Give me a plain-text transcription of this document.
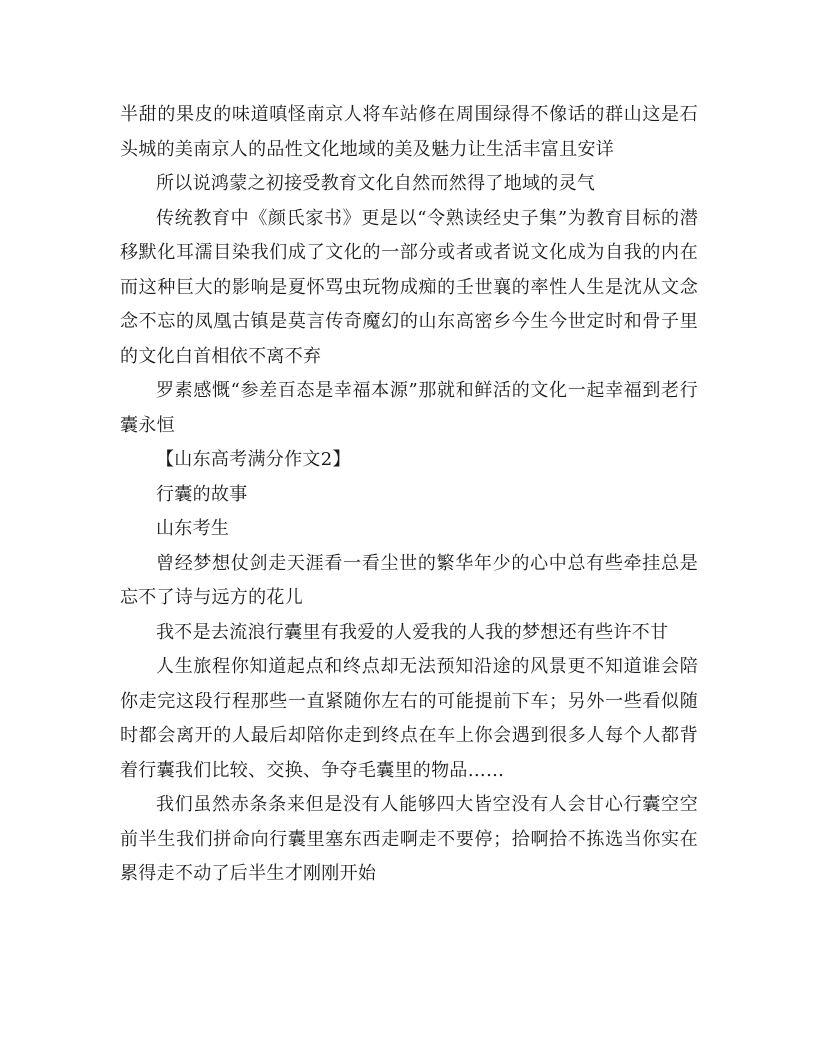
半甜的果皮的味道嗔怪南京人将车站修在周围绿得不像话的群山这是石头城的美南京人的品性文化地域的美及魅力让生活丰富且安详

所以说鸿蒙之初接受教育文化自然而然得了地域的灵气

传统教育中《颜氏家书》更是以“令熟读经史子集”为教育目标的潜移默化耳濡目染我们成了文化的一部分或者或者说文化成为自我的内在而这种巨大的影响是夏怀骂虫玩物成痴的壬世襄的率性人生是沈从文念念不忘的凤凰古镇是莫言传奇魔幻的山东高密乡今生今世定时和骨子里的文化白首相依不离不弃

罗素感慨“参差百态是幸福本源”那就和鲜活的文化一起幸福到老行囊永恒

【山东高考满分作文2】

行囊的故事

山东考生

曾经梦想仗剑走天涯看一看尘世的繁华年少的心中总有些牵挂总是忘不了诗与远方的花儿

我不是去流浪行囊里有我爱的人爱我的人我的梦想还有些许不甘

人生旅程你知道起点和终点却无法预知沿途的风景更不知道谁会陪你走完这段行程那些一直紧随你左右的可能提前下车；另外一些看似随时都会离开的人最后却陪你走到终点在车上你会遇到很多人每个人都背着行囊我们比较、交换、争夺毛囊里的物品……

我们虽然赤条条来但是没有人能够四大皆空没有人会甘心行囊空空前半生我们拼命向行囊里塞东西走啊走不要停；拾啊拾不拣选当你实在累得走不动了后半生才刚刚开始
